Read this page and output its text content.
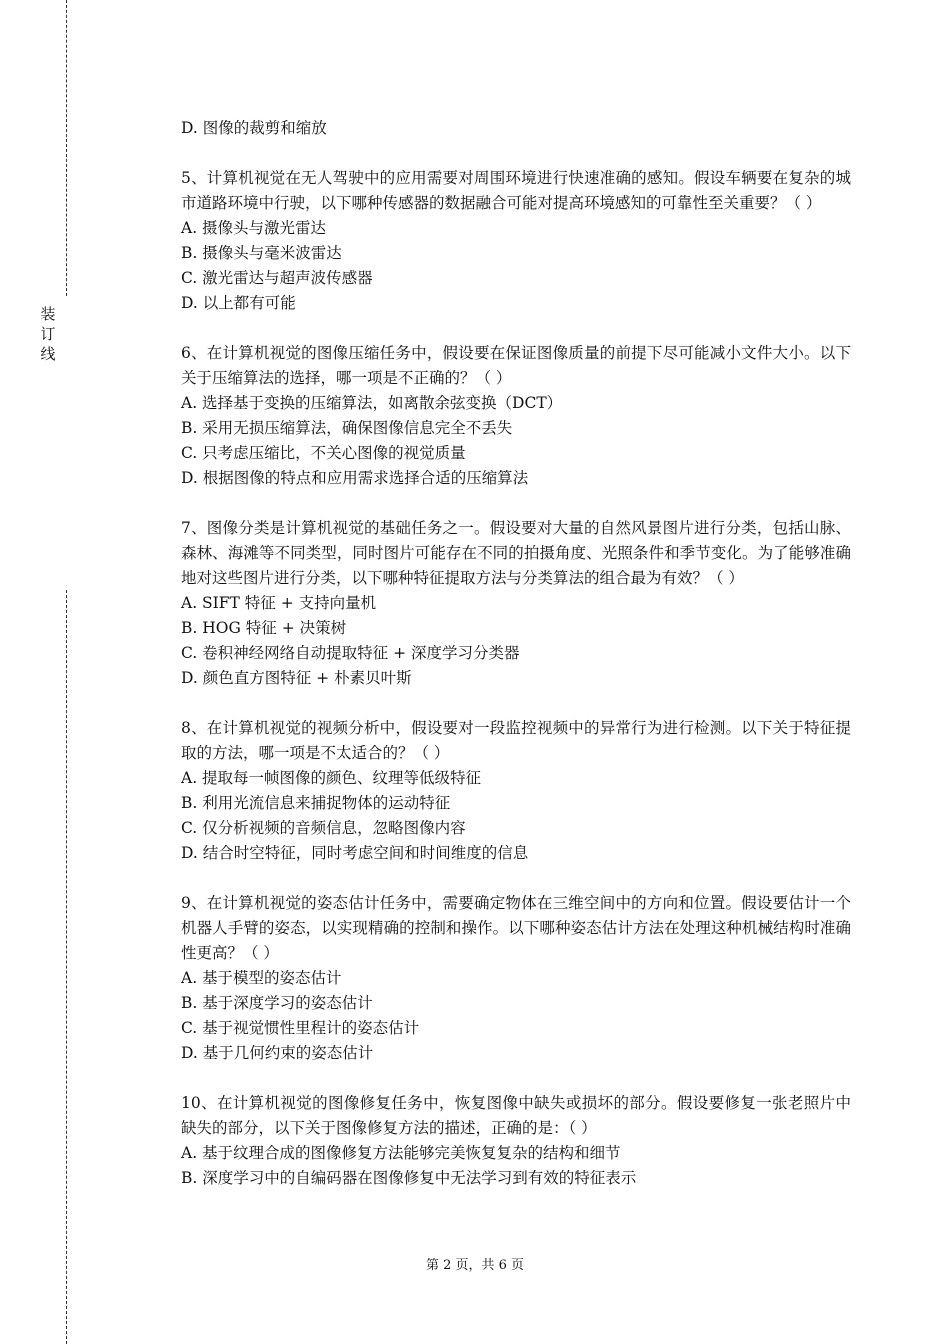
装
订
线
D. 图像的裁剪和缩放
5、计算机视觉在无人驾驶中的应用需要对周围环境进行快速准确的感知。假设车辆要在复杂的城市道路环境中行驶，以下哪种传感器的数据融合可能对提高环境感知的可靠性至关重要？（ ）
A. 摄像头与激光雷达
B. 摄像头与毫米波雷达
C. 激光雷达与超声波传感器
D. 以上都有可能
6、在计算机视觉的图像压缩任务中，假设要在保证图像质量的前提下尽可能减小文件大小。以下关于压缩算法的选择，哪一项是不正确的？（ ）
A. 选择基于变换的压缩算法，如离散余弦变换（DCT）
B. 采用无损压缩算法，确保图像信息完全不丢失
C. 只考虑压缩比，不关心图像的视觉质量
D. 根据图像的特点和应用需求选择合适的压缩算法
7、图像分类是计算机视觉的基础任务之一。假设要对大量的自然风景图片进行分类，包括山脉、森林、海滩等不同类型，同时图片可能存在不同的拍摄角度、光照条件和季节变化。为了能够准确地对这些图片进行分类，以下哪种特征提取方法与分类算法的组合最为有效？（ ）
A. SIFT 特征 + 支持向量机
B. HOG 特征 + 决策树
C. 卷积神经网络自动提取特征 + 深度学习分类器
D. 颜色直方图特征 + 朴素贝叶斯
8、在计算机视觉的视频分析中，假设要对一段监控视频中的异常行为进行检测。以下关于特征提取的方法，哪一项是不太适合的？（ ）
A. 提取每一帧图像的颜色、纹理等低级特征
B. 利用光流信息来捕捉物体的运动特征
C. 仅分析视频的音频信息，忽略图像内容
D. 结合时空特征，同时考虑空间和时间维度的信息
9、在计算机视觉的姿态估计任务中，需要确定物体在三维空间中的方向和位置。假设要估计一个机器人手臂的姿态，以实现精确的控制和操作。以下哪种姿态估计方法在处理这种机械结构时准确性更高？（ ）
A. 基于模型的姿态估计
B. 基于深度学习的姿态估计
C. 基于视觉惯性里程计的姿态估计
D. 基于几何约束的姿态估计
10、在计算机视觉的图像修复任务中，恢复图像中缺失或损坏的部分。假设要修复一张老照片中缺失的部分，以下关于图像修复方法的描述，正确的是：（ ）
A. 基于纹理合成的图像修复方法能够完美恢复复杂的结构和细节
B. 深度学习中的自编码器在图像修复中无法学习到有效的特征表示
第 2 页，共 6 页
